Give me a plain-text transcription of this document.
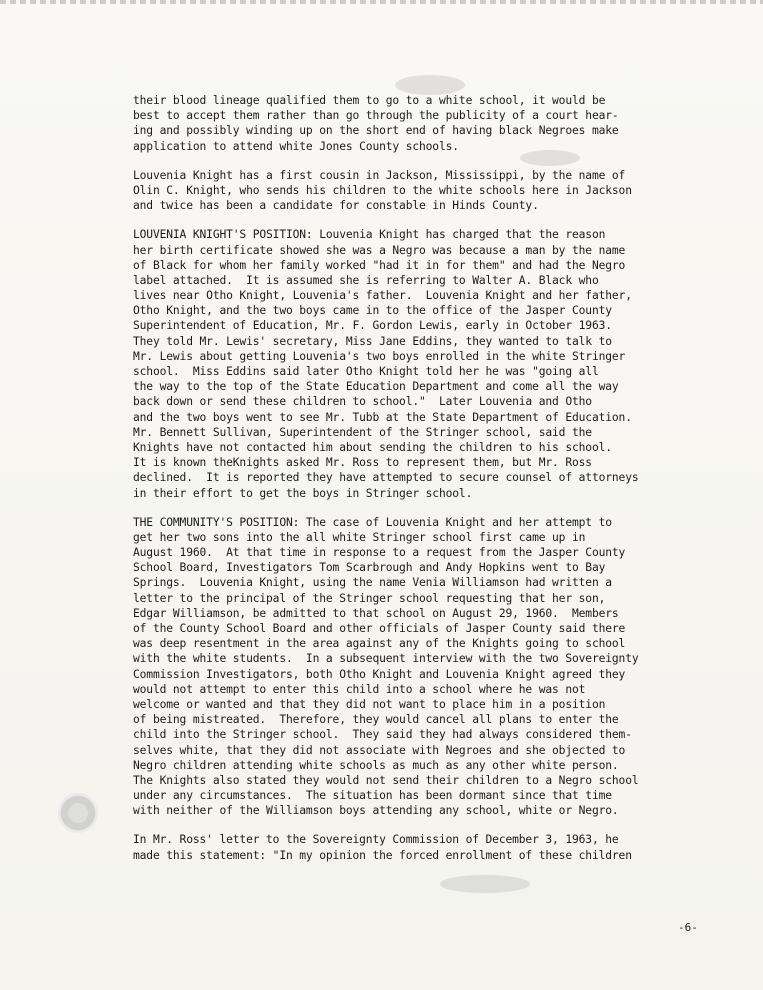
their blood lineage qualified them to go to a white school, it would be
best to accept them rather than go through the publicity of a court hear-
ing and possibly winding up on the short end of having black Negroes make
application to attend white Jones County schools.
Louvenia Knight has a first cousin in Jackson, Mississippi, by the name of
Olin C. Knight, who sends his children to the white schools here in Jackson
and twice has been a candidate for constable in Hinds County.
LOUVENIA KNIGHT'S POSITION: Louvenia Knight has charged that the reason
her birth certificate showed she was a Negro was because a man by the name
of Black for whom her family worked "had it in for them" and had the Negro
label attached.  It is assumed she is referring to Walter A. Black who
lives near Otho Knight, Louvenia's father.  Louvenia Knight and her father,
Otho Knight, and the two boys came in to the office of the Jasper County
Superintendent of Education, Mr. F. Gordon Lewis, early in October 1963.
They told Mr. Lewis' secretary, Miss Jane Eddins, they wanted to talk to
Mr. Lewis about getting Louvenia's two boys enrolled in the white Stringer
school.  Miss Eddins said later Otho Knight told her he was "going all
the way to the top of the State Education Department and come all the way
back down or send these children to school."  Later Louvenia and Otho
and the two boys went to see Mr. Tubb at the State Department of Education.
Mr. Bennett Sullivan, Superintendent of the Stringer school, said the
Knights have not contacted him about sending the children to his school.
It is known theKnights asked Mr. Ross to represent them, but Mr. Ross
declined.  It is reported they have attempted to secure counsel of attorneys
in their effort to get the boys in Stringer school.
THE COMMUNITY'S POSITION: The case of Louvenia Knight and her attempt to
get her two sons into the all white Stringer school first came up in
August 1960.  At that time in response to a request from the Jasper County
School Board, Investigators Tom Scarbrough and Andy Hopkins went to Bay
Springs.  Louvenia Knight, using the name Venia Williamson had written a
letter to the principal of the Stringer school requesting that her son,
Edgar Williamson, be admitted to that school on August 29, 1960.  Members
of the County School Board and other officials of Jasper County said there
was deep resentment in the area against any of the Knights going to school
with the white students.  In a subsequent interview with the two Sovereignty
Commission Investigators, both Otho Knight and Louvenia Knight agreed they
would not attempt to enter this child into a school where he was not
welcome or wanted and that they did not want to place him in a position
of being mistreated.  Therefore, they would cancel all plans to enter the
child into the Stringer school.  They said they had always considered them-
selves white, that they did not associate with Negroes and she objected to
Negro children attending white schools as much as any other white person.
The Knights also stated they would not send their children to a Negro school
under any circumstances.  The situation has been dormant since that time
with neither of the Williamson boys attending any school, white or Negro.
In Mr. Ross' letter to the Sovereignty Commission of December 3, 1963, he
made this statement: "In my opinion the forced enrollment of these children
-6-
